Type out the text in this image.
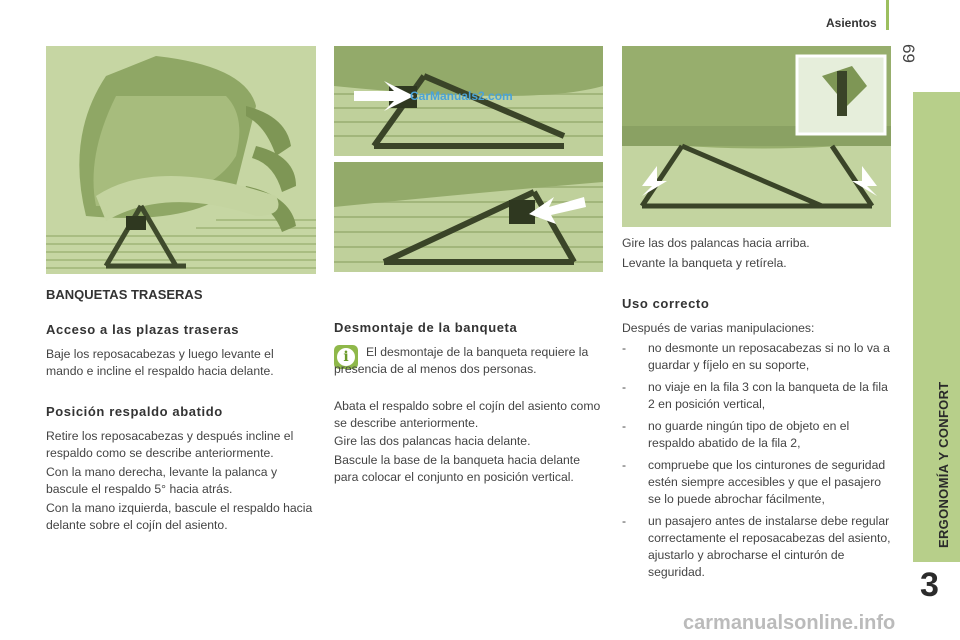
Asientos
69
ERGONOMÍA Y CONFORT
3
CarManuals2.com
BANQUETAS TRASERAS
Acceso a las plazas traseras

Baje los reposacabezas y luego levante el mando e incline el respaldo hacia delante.

Posición respaldo abatido

Retire los reposacabezas y después incline el respaldo como se describe anteriormente.

Con la mano derecha, levante la palanca y bascule el respaldo 5° hacia atrás.

Con la mano izquierda, bascule el respaldo hacia delante sobre el cojín del asiento.

Desmontaje de la banqueta
i	El desmontaje de la banqueta requiere la presencia de al menos dos personas.

Abata el respaldo sobre el cojín del asiento como se describe anteriormente.

Gire las dos palancas hacia delante.

Bascule la base de la banqueta hacia delante para colocar el conjunto en posición vertical.

Gire las dos palancas hacia arriba.

Levante la banqueta y retírela.

Uso correcto

Después de varias manipulaciones:

- no desmonte un reposacabezas si no lo va a guardar y fíjelo en su soporte,
- no viaje en la fila 3 con la banqueta de la fila 2 en posición vertical,
- no guarde ningún tipo de objeto en el respaldo abatido de la fila 2,
- compruebe que los cinturones de seguridad estén siempre accesibles y que el pasajero se lo puede abrochar fácilmente,
- un pasajero antes de instalarse debe regular correctamente el reposacabezas del asiento, ajustarlo y abrocharse el cinturón de seguridad.
carmanualsonline.info
